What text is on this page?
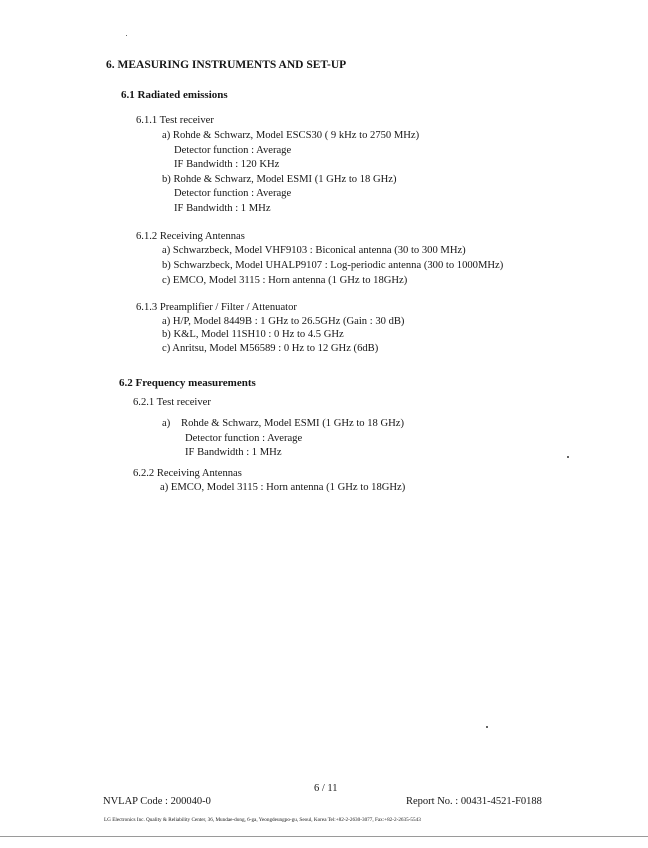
6. MEASURING INSTRUMENTS AND SET-UP
6.1 Radiated emissions
6.1.1 Test receiver
a) Rohde & Schwarz, Model ESCS30 ( 9 kHz to 2750 MHz)
Detector function : Average
IF Bandwidth : 120 KHz
b) Rohde & Schwarz, Model ESMI (1 GHz to 18 GHz)
Detector function : Average
IF Bandwidth : 1 MHz
6.1.2 Receiving Antennas
a) Schwarzbeck, Model VHF9103 : Biconical antenna (30 to 300 MHz)
b) Schwarzbeck, Model UHALP9107 : Log-periodic antenna (300 to 1000MHz)
c) EMCO, Model 3115 : Horn antenna (1 GHz to 18GHz)
6.1.3 Preamplifier / Filter / Attenuator
a) H/P, Model 8449B : 1 GHz to 26.5GHz (Gain : 30 dB)
b) K&L, Model 11SH10 : 0 Hz to 4.5 GHz
c) Anritsu, Model M56589 : 0 Hz to 12 GHz (6dB)
6.2 Frequency measurements
6.2.1 Test receiver
a) Rohde & Schwarz, Model ESMI (1 GHz to 18 GHz)
Detector function : Average
IF Bandwidth : 1 MHz
6.2.2 Receiving Antennas
a) EMCO, Model 3115 : Horn antenna (1 GHz to 18GHz)
6 / 11
NVLAP Code : 200040-0	Report No. : 00431-4521-F0188
LG Electronics Inc. Quality & Reliability Center, 36, Mundae-dong, 6-ga, Yeongdeungpo-gu, Seoul, Korea Tel:+82-2-2630-3077, Fax:+82-2-2635-5543
